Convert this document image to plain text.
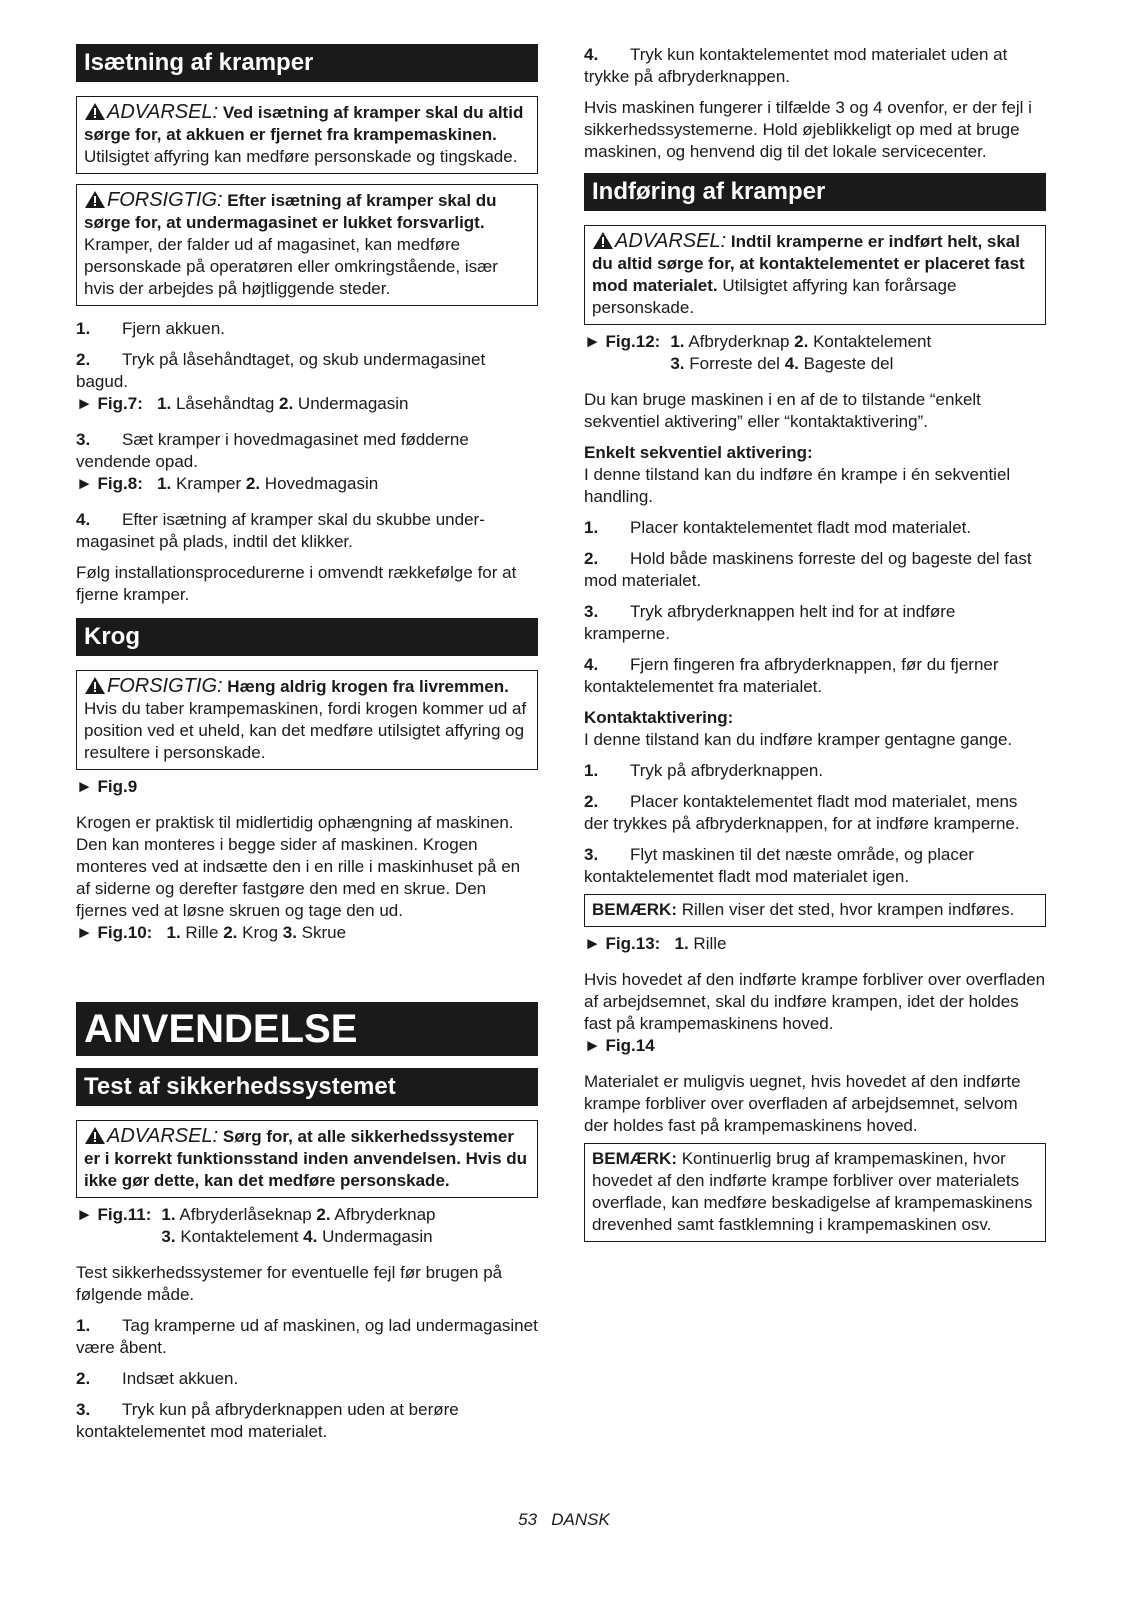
Isætning af kramper
ADVARSEL: Ved isætning af kramper skal du altid sørge for, at akkuen er fjernet fra krampemaskinen. Utilsigtet affyring kan medføre personskade og tingskade.
FORSIGTIG: Efter isætning af kramper skal du sørge for, at undermagasinet er lukket forsvarligt. Kramper, der falder ud af magasinet, kan medføre personskade på operatøren eller omkringstående, især hvis der arbejdes på højtliggende steder.

1. Fjern akkuen.

2. Tryk på låsehåndtaget, og skub undermagasinet bagud.

► Fig.7: 1. Låsehåndtag 2. Undermagasin

3. Sæt kramper i hovedmagasinet med fødderne vendende opad.

► Fig.8: 1. Kramper 2. Hovedmagasin

4. Efter isætning af kramper skal du skubbe undermagasinet på plads, indtil det klikker.

Følg installationsprocedurerne i omvendt rækkefølge for at fjerne kramper.

Krog
FORSIGTIG: Hæng aldrig krogen fra livremmen. Hvis du taber krampemaskinen, fordi krogen kommer ud af position ved et uheld, kan det medføre utilsigtet affyring og resultere i personskade.
► Fig.9

Krogen er praktisk til midlertidig ophængning af maskinen. Den kan monteres i begge sider af maskinen. Krogen monteres ved at indsætte den i en rille i maskinhuset på en af siderne og derefter fastgøre den med en skrue. Den fjernes ved at løsne skruen og tage den ud.

► Fig.10: 1. Rille 2. Krog 3. Skrue
ANVENDELSE
Test af sikkerhedssystemet
ADVARSEL: Sørg for, at alle sikkerhedssystemer er i korrekt funktionsstand inden anvendelsen. Hvis du ikke gør dette, kan det medføre personskade.
► Fig.11: 1. Afbryderlåseknap 2. Afbryderknap
3. Kontaktelement 4. Undermagasin

Test sikkerhedssystemer for eventuelle fejl før brugen på følgende måde.

1. Tag kramperne ud af maskinen, og lad undermagasinet være åbent.

2. Indsæt akkuen.

3. Tryk kun på afbryderknappen uden at berøre kontaktelementet mod materialet.

4. Tryk kun kontaktelementet mod materialet uden at trykke på afbryderknappen.

Hvis maskinen fungerer i tilfælde 3 og 4 ovenfor, er der fejl i sikkerhedssystemerne. Hold øjeblikkeligt op med at bruge maskinen, og henvend dig til det lokale servicecenter.

Indføring af kramper
ADVARSEL: Indtil kramperne er indført helt, skal du altid sørge for, at kontaktelementet er placeret fast mod materialet. Utilsigtet affyring kan forårsage personskade.
► Fig.12: 1. Afbryderknap 2. Kontaktelement
3. Forreste del 4. Bageste del

Du kan bruge maskinen i en af de to tilstande “enkelt sekventiel aktivering” eller “kontaktaktivering”.

Enkelt sekventiel aktivering:

I denne tilstand kan du indføre én krampe i én sekventiel handling.

1. Placer kontaktelementet fladt mod materialet.

2. Hold både maskinens forreste del og bageste del fast mod materialet.

3. Tryk afbryderknappen helt ind for at indføre kramperne.

4. Fjern fingeren fra afbryderknappen, før du fjerner kontaktelementet fra materialet.

Kontaktaktivering:

I denne tilstand kan du indføre kramper gentagne gange.

1. Tryk på afbryderknappen.

2. Placer kontaktelementet fladt mod materialet, mens der trykkes på afbryderknappen, for at indføre kramperne.

3. Flyt maskinen til det næste område, og placer kontaktelementet fladt mod materialet igen.

BEMÆRK: Rillen viser det sted, hvor krampen indføres.
► Fig.13: 1. Rille

Hvis hovedet af den indførte krampe forbliver over overfladen af arbejdsemnet, skal du indføre krampen, idet der holdes fast på krampemaskinens hoved.

► Fig.14

Materialet er muligvis uegnet, hvis hovedet af den indførte krampe forbliver over overfladen af arbejdsemnet, selvom der holdes fast på krampemaskinens hoved.

BEMÆRK: Kontinuerlig brug af krampemaskinen, hvor hovedet af den indførte krampe forbliver over materialets overflade, kan medføre beskadigelse af krampemaskinens drevenhed samt fastklemning i krampemaskinen osv.
53 DANSK
